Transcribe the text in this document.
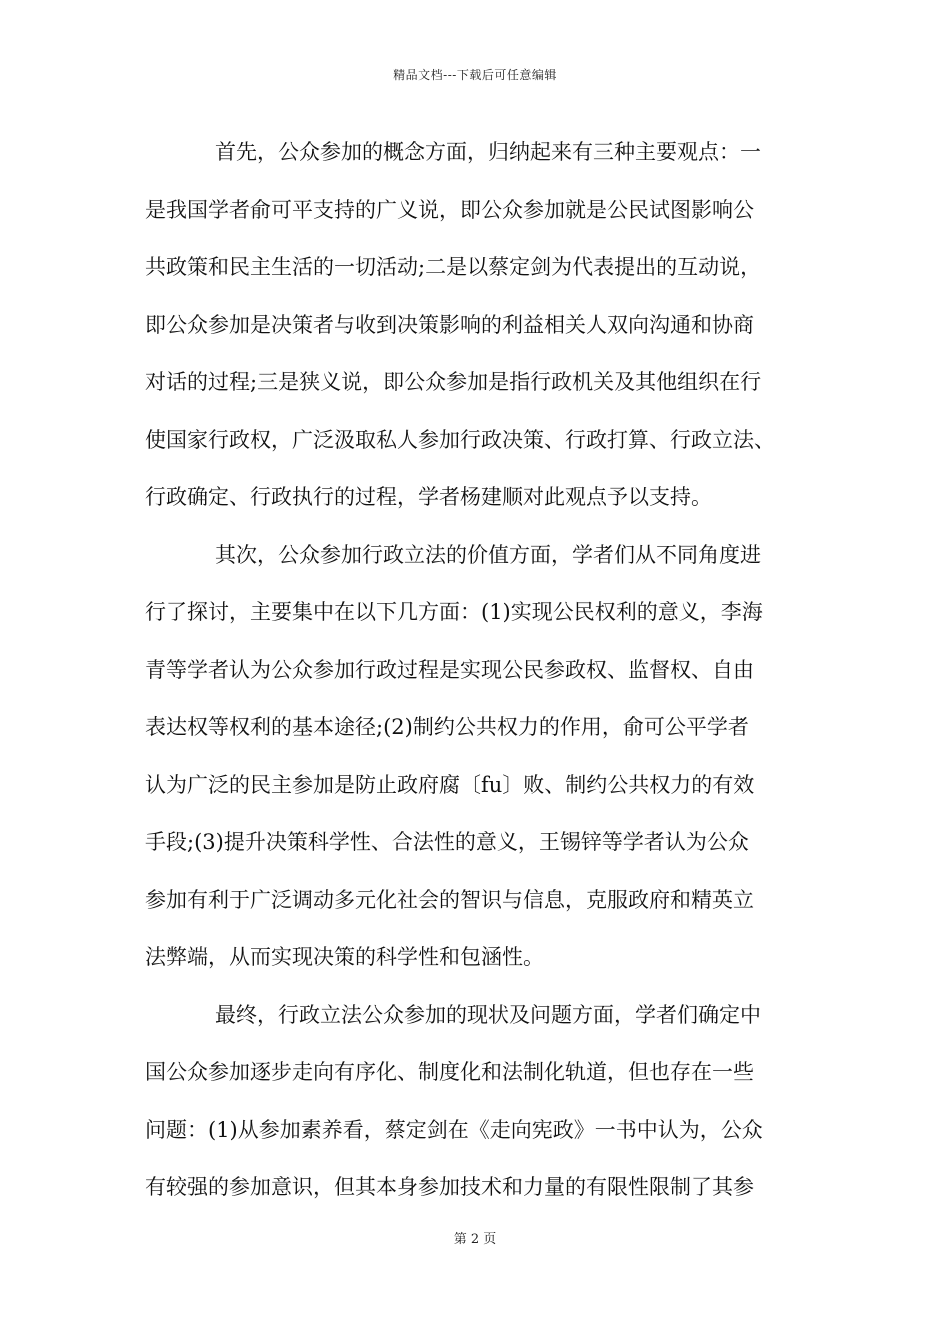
精品文档---下载后可任意编辑
首先，公众参加的概念方面，归纳起来有三种主要观点：一
是我国学者俞可平支持的广义说，即公众参加就是公民试图影响公
共政策和民主生活的一切活动;二是以蔡定剑为代表提出的互动说，
即公众参加是决策者与收到决策影响的利益相关人双向沟通和协商
对话的过程;三是狭义说，即公众参加是指行政机关及其他组织在行
使国家行政权，广泛汲取私人参加行政决策、行政打算、行政立法、
行政确定、行政执行的过程，学者杨建顺对此观点予以支持。
其次，公众参加行政立法的价值方面，学者们从不同角度进
行了探讨，主要集中在以下几方面：(1)实现公民权利的意义，李海
青等学者认为公众参加行政过程是实现公民参政权、监督权、自由
表达权等权利的基本途径;(2)制约公共权力的作用，俞可公平学者
认为广泛的民主参加是防止政府腐〔fu〕败、制约公共权力的有效
手段;(3)提升决策科学性、合法性的意义，王锡锌等学者认为公众
参加有利于广泛调动多元化社会的智识与信息，克服政府和精英立
法弊端，从而实现决策的科学性和包涵性。
最终，行政立法公众参加的现状及问题方面，学者们确定中
国公众参加逐步走向有序化、制度化和法制化轨道，但也存在一些
问题：(1)从参加素养看，蔡定剑在《走向宪政》一书中认为，公众
有较强的参加意识，但其本身参加技术和力量的有限性限制了其参
第 2 页
